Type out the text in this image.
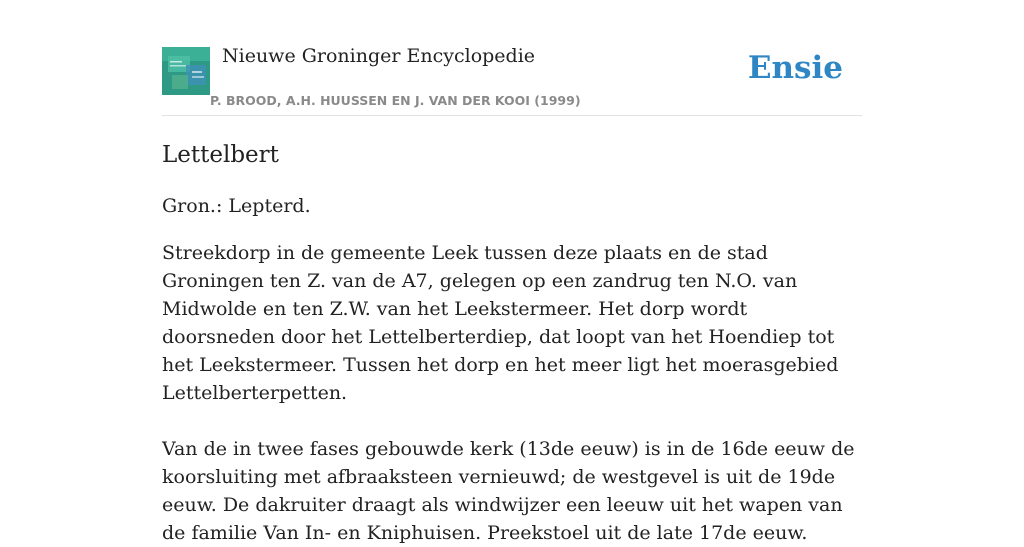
Nieuwe Groninger Encyclopedie
P. BROOD, A.H. HUUSSEN EN J. VAN DER KOOI (1999)
Ensie
Lettelbert

Gron.: Lepterd.

Streekdorp in de gemeente Leek tussen deze plaats en de stad Groningen ten Z. van de A7, gelegen op een zandrug ten N.O. van Midwolde en ten Z.W. van het Leekstermeer. Het dorp wordt doorsneden door het Lettelberterdiep, dat loopt van het Hoendiep tot het Leekstermeer. Tussen het dorp en het meer ligt het moerasgebied Lettelberterpetten.

Van de in twee fases gebouwde kerk (13de eeuw) is in de 16de eeuw de koorsluiting met afbraaksteen vernieuwd; de westgevel is uit de 19de eeuw. De dakruiter draagt als windwijzer een leeuw uit het wapen van de familie Van In- en Kniphuisen. Preekstoel uit de late 17de eeuw.
